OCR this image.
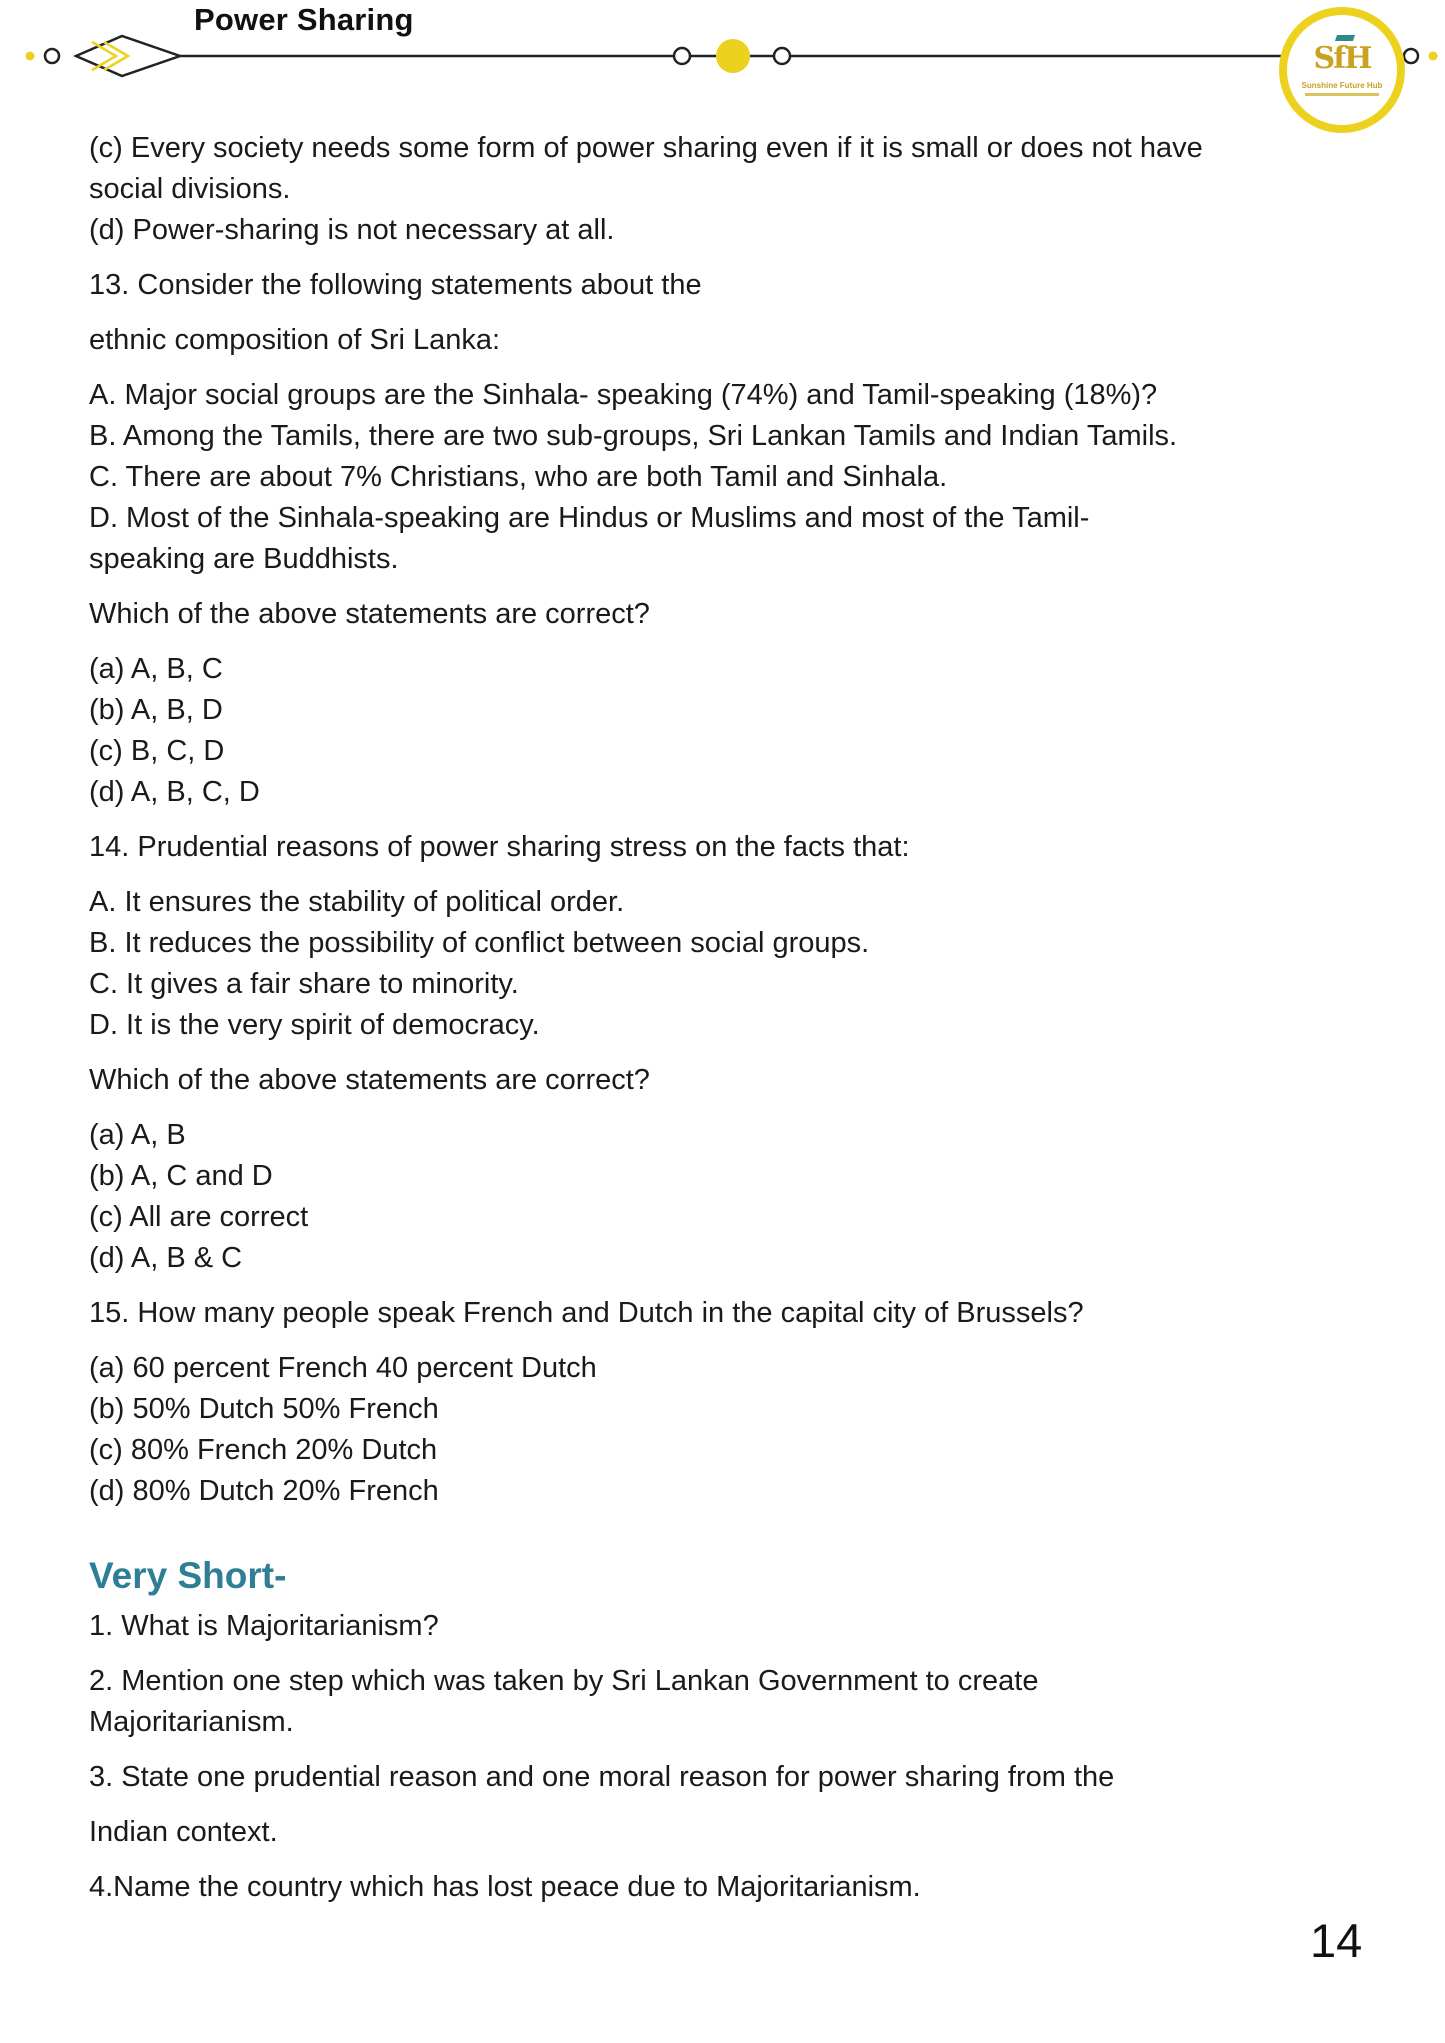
Power Sharing
SfH
Sunshine Future Hub
(c) Every society needs some form of power sharing even if it is small or does not have
social divisions.
(d) Power-sharing is not necessary at all.
13. Consider the following statements about the
ethnic composition of Sri Lanka:
A. Major social groups are the Sinhala- speaking (74%) and Tamil-speaking (18%)?
B. Among the Tamils, there are two sub-groups, Sri Lankan Tamils and Indian Tamils.
C. There are about 7% Christians, who are both Tamil and Sinhala.
D. Most of the Sinhala-speaking are Hindus or Muslims and most of the Tamil-
speaking are Buddhists.
Which of the above statements are correct?
(a) A, B, C
(b) A, B, D
(c) B, C, D
(d) A, B, C, D
14. Prudential reasons of power sharing stress on the facts that:
A. It ensures the stability of political order.
B. It reduces the possibility of conflict between social groups.
C. It gives a fair share to minority.
D. It is the very spirit of democracy.
Which of the above statements are correct?
(a) A, B
(b) A, C and D
(c) All are correct
(d) A, B & C
15. How many people speak French and Dutch in the capital city of Brussels?
(a) 60 percent French 40 percent Dutch
(b) 50% Dutch 50% French
(c) 80% French 20% Dutch
(d) 80% Dutch 20% French
Very Short-
1. What is Majoritarianism?
2. Mention one step which was taken by Sri Lankan Government to create
Majoritarianism.
3. State one prudential reason and one moral reason for power sharing from the
Indian context.
4.Name the country which has lost peace due to Majoritarianism.
14
